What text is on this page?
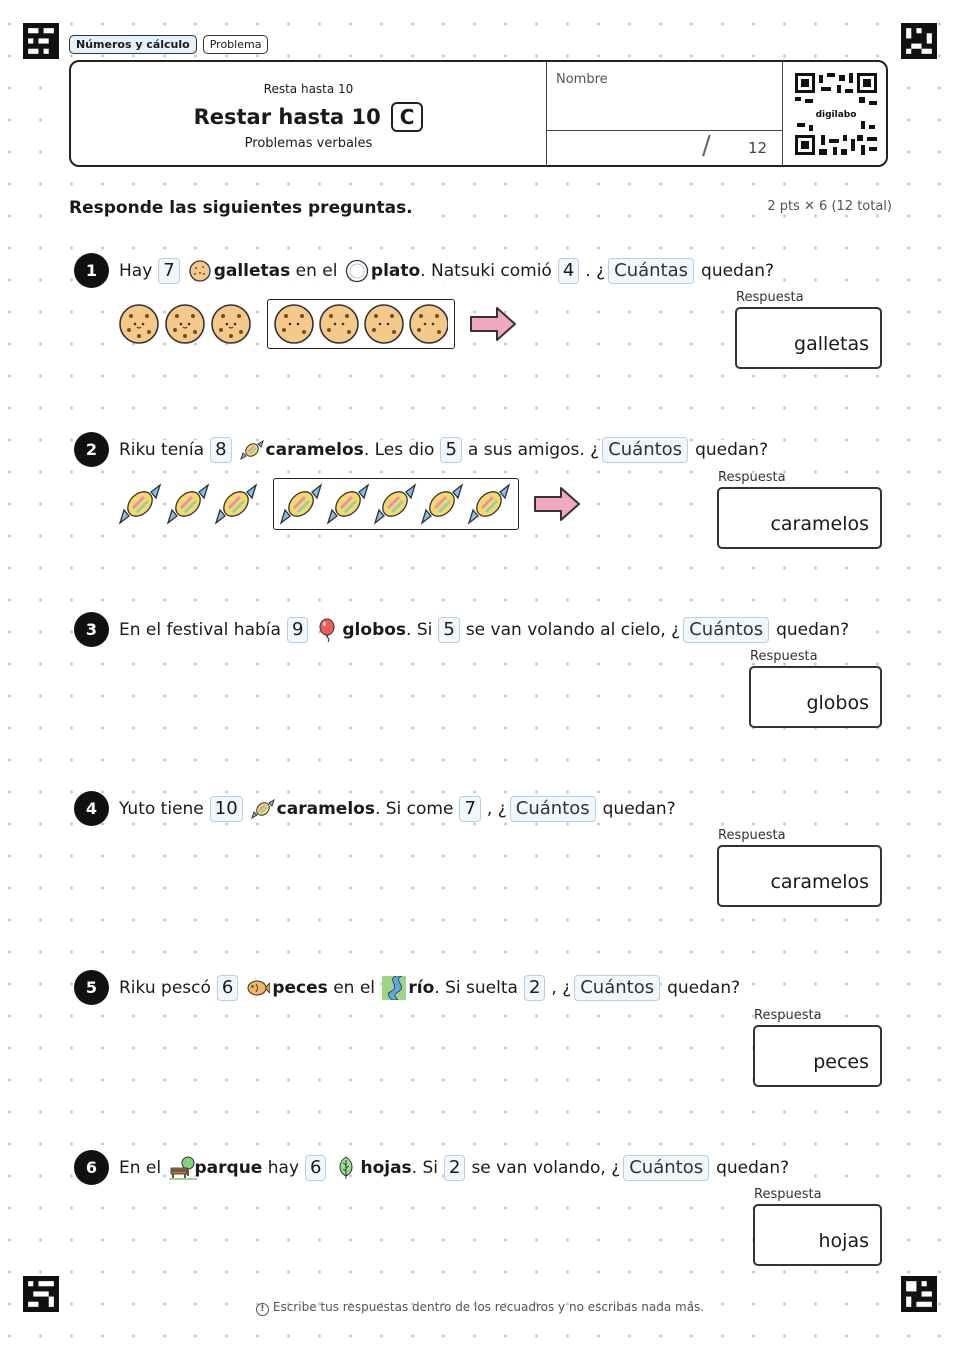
Números y cálculo	Problema
Resta hasta 10
Restar hasta 10 C
Problemas verbales
Nombre
/ 12
digilabo
Responde las siguientes preguntas.	2 pts ✕ 6 (12 total)
1	Hay 7 galletas
en el
plato . Natsuki comió 4 . ¿ Cuántas quedan?
Respuesta
galletas
2	Riku tenía 8 caramelos . Les dio 5 a sus amigos. ¿ Cuántos quedan?
Respuesta
caramelos
3	En el festival había 9 globos . Si 5 se van volando al cielo, ¿ Cuántos quedan?
Respuesta
globos
4	Yuto tiene 10 caramelos . Si come 7 , ¿ Cuántos quedan?
Respuesta
caramelos
5	Riku pescó 6 peces
en el
río . Si suelta 2 , ¿ Cuántos quedan?
Respuesta
peces
6	En el
parque
hay 6 hojas . Si 2 se van volando, ¿ Cuántos quedan?
Respuesta
hojas
! Escribe tus respuestas dentro de los recuadros y no escribas nada más.
